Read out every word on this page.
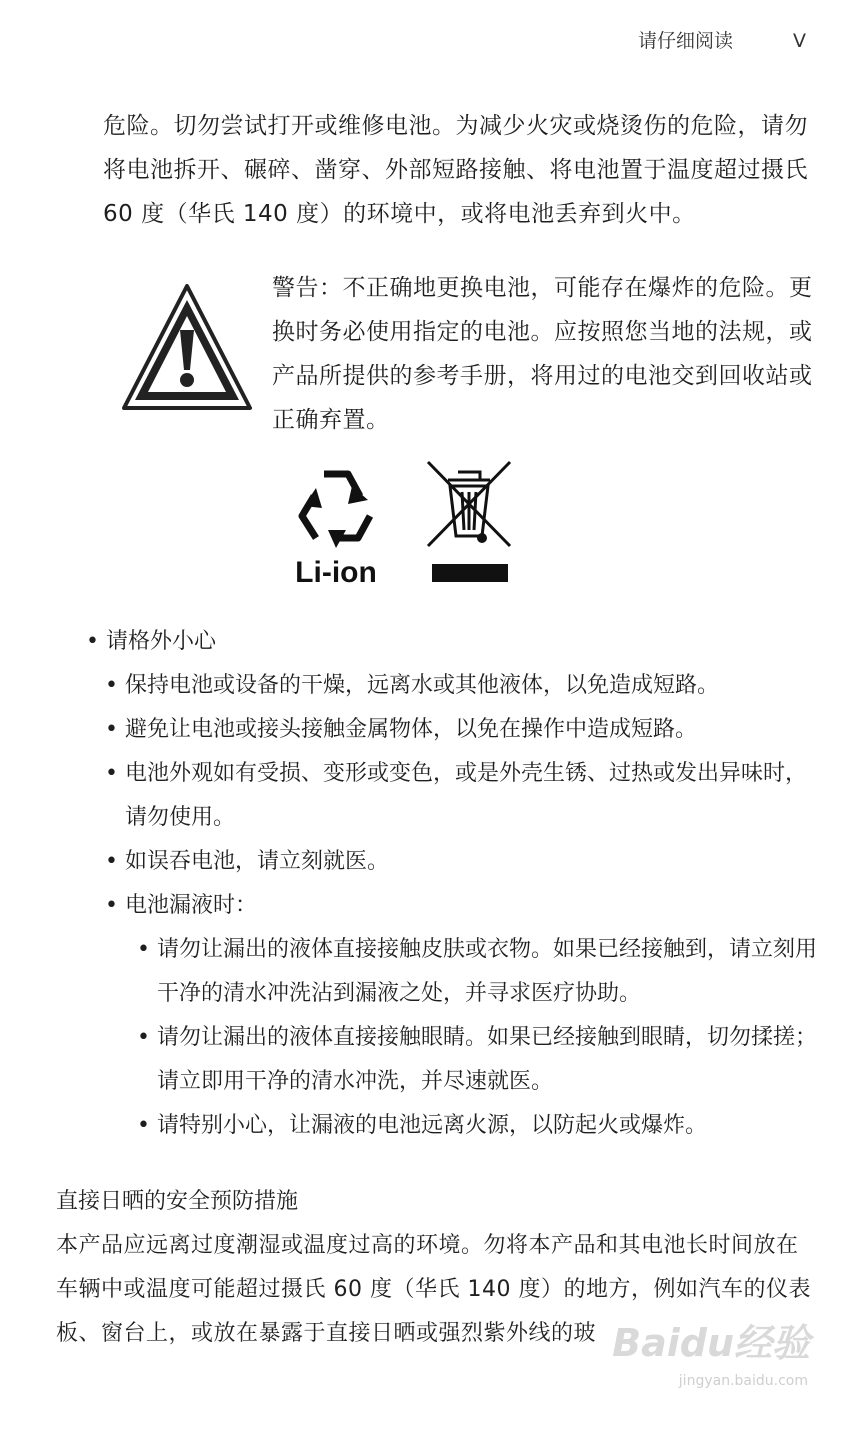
请仔细阅读	V

危险。切勿尝试打开或维修电池。为减少火灾或烧烫伤的危险，请勿将电池拆开、碾碎、凿穿、外部短路接触、将电池置于温度超过摄氏 60 度（华氏 140 度）的环境中，或将电池丢弃到火中。

警告：不正确地更换电池，可能存在爆炸的危险。更换时务必使用指定的电池。应按照您当地的法规，或产品所提供的参考手册，将用过的电池交到回收站或正确弃置。

Li-ion
• 请格外小心
• 保持电池或设备的干燥，远离水或其他液体，以免造成短路。
• 避免让电池或接头接触金属物体，以免在操作中造成短路。
• 电池外观如有受损、变形或变色，或是外壳生锈、过热或发出异味时，请勿使用。
• 如误吞电池，请立刻就医。
• 电池漏液时：
• 请勿让漏出的液体直接接触皮肤或衣物。如果已经接触到，请立刻用干净的清水冲洗沾到漏液之处，并寻求医疗协助。
• 请勿让漏出的液体直接接触眼睛。如果已经接触到眼睛，切勿揉搓；请立即用干净的清水冲洗，并尽速就医。
• 请特别小心，让漏液的电池远离火源，以防起火或爆炸。
直接日晒的安全预防措施

本产品应远离过度潮湿或温度过高的环境。勿将本产品和其电池长时间放在车辆中或温度可能超过摄氏 60 度（华氏 140 度）的地方，例如汽车的仪表板、窗台上，或放在暴露于直接日晒或强烈紫外线的玻 Baidu经验
jingyan.baidu.com
